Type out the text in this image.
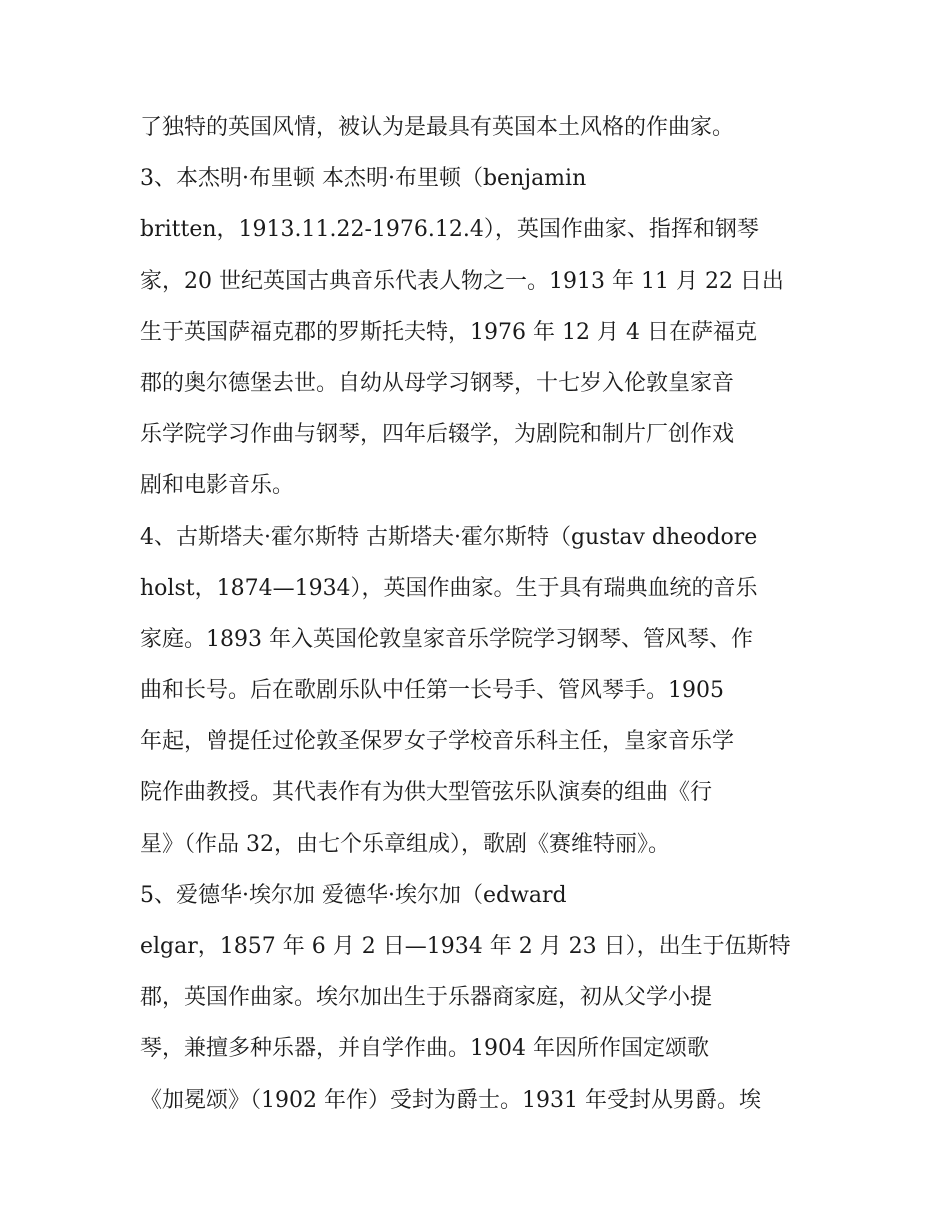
了独特的英国风情，被认为是最具有英国本土风格的作曲家。
3、本杰明·布里顿 本杰明·布里顿（benjamin
britten，1913.11.22-1976.12.4），英国作曲家、指挥和钢琴
家，20 世纪英国古典音乐代表人物之一。1913 年 11 月 22 日出
生于英国萨福克郡的罗斯托夫特，1976 年 12 月 4 日在萨福克
郡的奥尔德堡去世。自幼从母学习钢琴，十七岁入伦敦皇家音
乐学院学习作曲与钢琴，四年后辍学，为剧院和制片厂创作戏
剧和电影音乐。
4、古斯塔夫·霍尔斯特 古斯塔夫·霍尔斯特（gustav dheodore
holst，1874—1934），英国作曲家。生于具有瑞典血统的音乐
家庭。1893 年入英国伦敦皇家音乐学院学习钢琴、管风琴、作
曲和长号。后在歌剧乐队中任第一长号手、管风琴手。1905
年起，曾提任过伦敦圣保罗女子学校音乐科主任，皇家音乐学
院作曲教授。其代表作有为供大型管弦乐队演奏的组曲《行
星》（作品 32，由七个乐章组成），歌剧《赛维特丽》。
5、爱德华·埃尔加 爱德华·埃尔加（edward
elgar，1857 年 6 月 2 日—1934 年 2 月 23 日），出生于伍斯特
郡，英国作曲家。埃尔加出生于乐器商家庭，初从父学小提
琴，兼擅多种乐器，并自学作曲。1904 年因所作国定颂歌
《加冕颂》（1902 年作）受封为爵士。1931 年受封从男爵。埃
